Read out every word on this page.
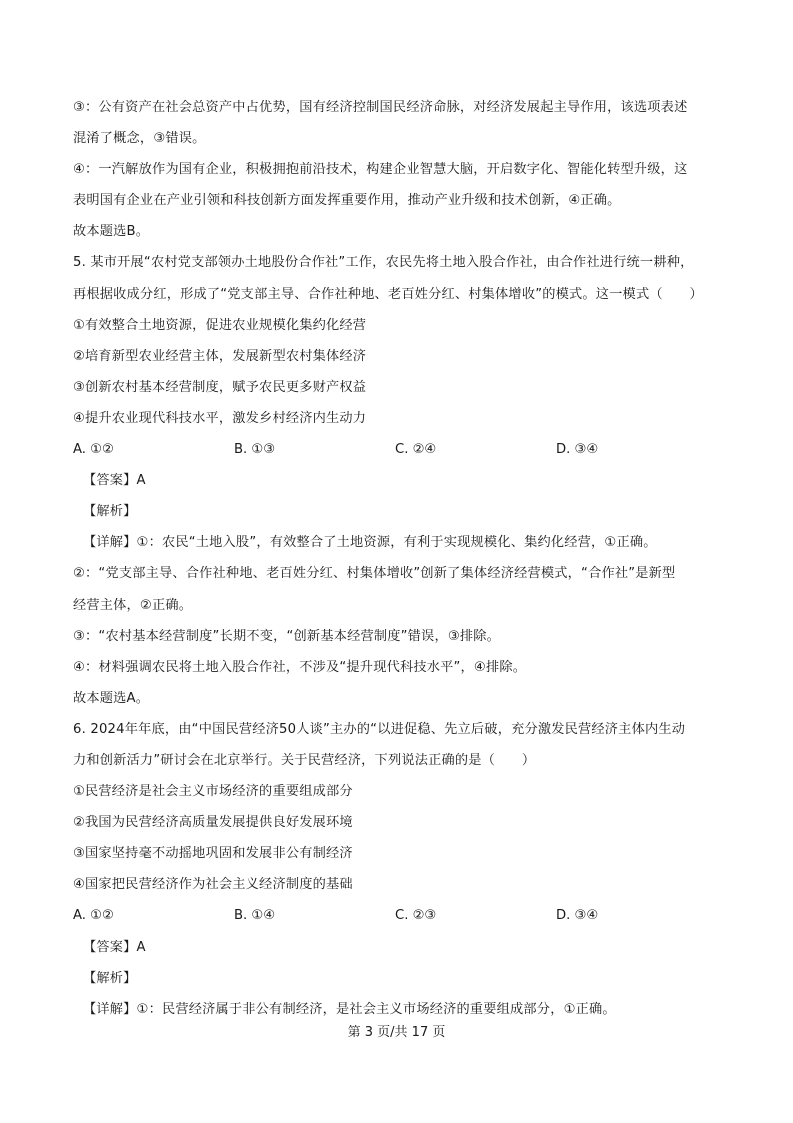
③：公有资产在社会总资产中占优势，国有经济控制国民经济命脉，对经济发展起主导作用，该选项表述
混淆了概念，③错误。
④：一汽解放作为国有企业，积极拥抱前沿技术，构建企业智慧大脑，开启数字化、智能化转型升级，这
表明国有企业在产业引领和科技创新方面发挥重要作用，推动产业升级和技术创新，④正确。
故本题选B。
5. 某市开展“农村党支部领办土地股份合作社”工作，农民先将土地入股合作社，由合作社进行统一耕种，
再根据收成分红，形成了“党支部主导、合作社种地、老百姓分红、村集体增收”的模式。这一模式（　　）
①有效整合土地资源，促进农业规模化集约化经营
②培育新型农业经营主体，发展新型农村集体经济
③创新农村基本经营制度，赋予农民更多财产权益
④提升农业现代科技水平，激发乡村经济内生动力
A. ①②	B. ①③	C. ②④	D. ③④
【答案】A
【解析】
【详解】①：农民“土地入股”，有效整合了土地资源，有利于实现规模化、集约化经营，①正确。
②：“党支部主导、合作社种地、老百姓分红、村集体增收”创新了集体经济经营模式，“合作社”是新型
经营主体，②正确。
③：“农村基本经营制度”长期不变，“创新基本经营制度”错误，③排除。
④：材料强调农民将土地入股合作社，不涉及“提升现代科技水平”，④排除。
故本题选A。
6. 2024年年底，由“中国民营经济50人谈”主办的“以进促稳、先立后破，充分激发民营经济主体内生动
力和创新活力”研讨会在北京举行。关于民营经济，下列说法正确的是（　　）
①民营经济是社会主义市场经济的重要组成部分
②我国为民营经济高质量发展提供良好发展环境
③国家坚持毫不动摇地巩固和发展非公有制经济
④国家把民营经济作为社会主义经济制度的基础
A. ①②	B. ①④	C. ②③	D. ③④
【答案】A
【解析】
【详解】①：民营经济属于非公有制经济，是社会主义市场经济的重要组成部分，①正确。
第 3 页/共 17 页
